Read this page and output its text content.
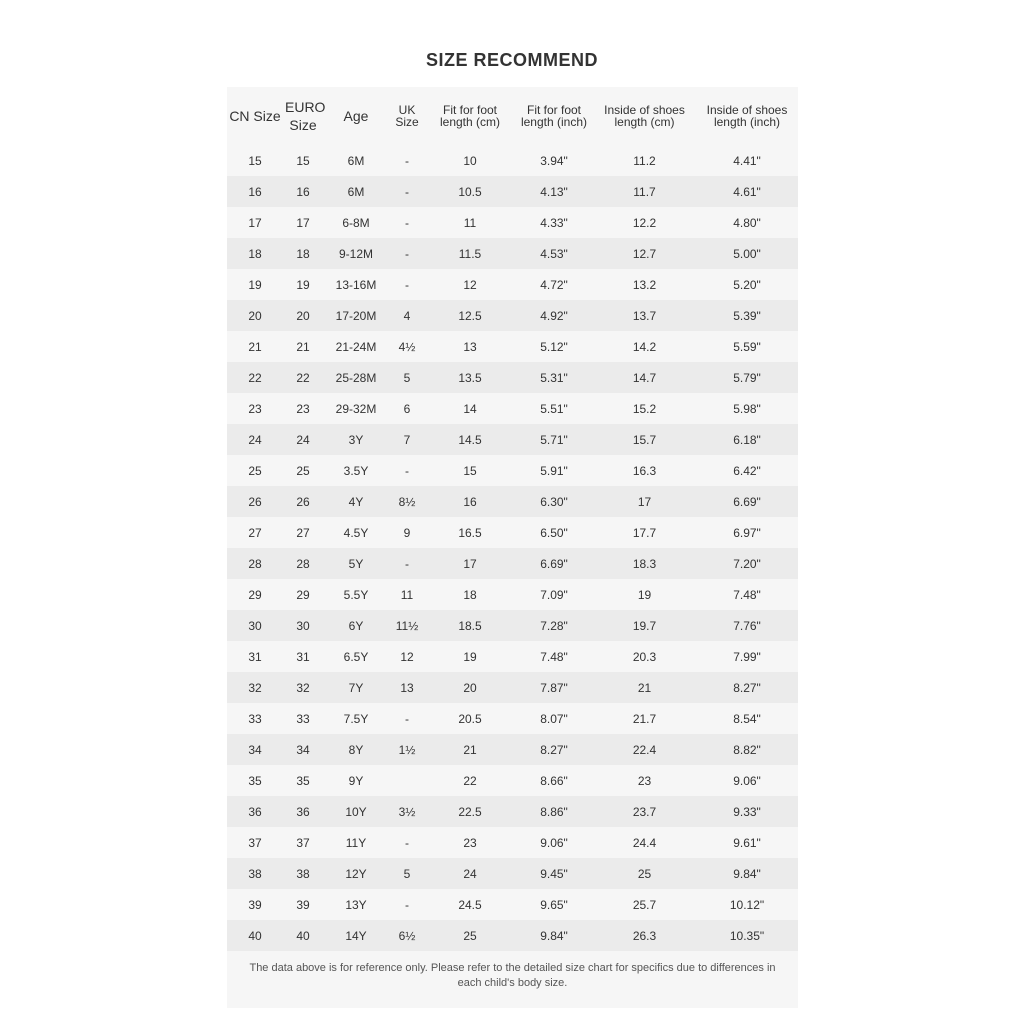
SIZE RECOMMEND
CN Size	EURO Size	Age	UK Size	Fit for foot length (cm)	Fit for foot length (inch)	Inside of shoes length (cm)	Inside of shoes length (inch)
15	15	6M	-	10	3.94"	11.2	4.41"
16	16	6M	-	10.5	4.13"	11.7	4.61"
17	17	6-8M	-	11	4.33"	12.2	4.80"
18	18	9-12M	-	11.5	4.53"	12.7	5.00"
19	19	13-16M	-	12	4.72"	13.2	5.20"
20	20	17-20M	4	12.5	4.92"	13.7	5.39"
21	21	21-24M	4½	13	5.12"	14.2	5.59"
22	22	25-28M	5	13.5	5.31"	14.7	5.79"
23	23	29-32M	6	14	5.51"	15.2	5.98"
24	24	3Y	7	14.5	5.71"	15.7	6.18"
25	25	3.5Y	-	15	5.91"	16.3	6.42"
26	26	4Y	8½	16	6.30"	17	6.69"
27	27	4.5Y	9	16.5	6.50"	17.7	6.97"
28	28	5Y	-	17	6.69"	18.3	7.20"
29	29	5.5Y	11	18	7.09"	19	7.48"
30	30	6Y	11½	18.5	7.28"	19.7	7.76"
31	31	6.5Y	12	19	7.48"	20.3	7.99"
32	32	7Y	13	20	7.87"	21	8.27"
33	33	7.5Y	-	20.5	8.07"	21.7	8.54"
34	34	8Y	1½	21	8.27"	22.4	8.82"
35	35	9Y		22	8.66"	23	9.06"
36	36	10Y	3½	22.5	8.86"	23.7	9.33"
37	37	11Y	-	23	9.06"	24.4	9.61"
38	38	12Y	5	24	9.45"	25	9.84"
39	39	13Y	-	24.5	9.65"	25.7	10.12"
40	40	14Y	6½	25	9.84"	26.3	10.35"
The data above is for reference only. Please refer to the detailed size chart for specifics due to differences in each child's body size.
